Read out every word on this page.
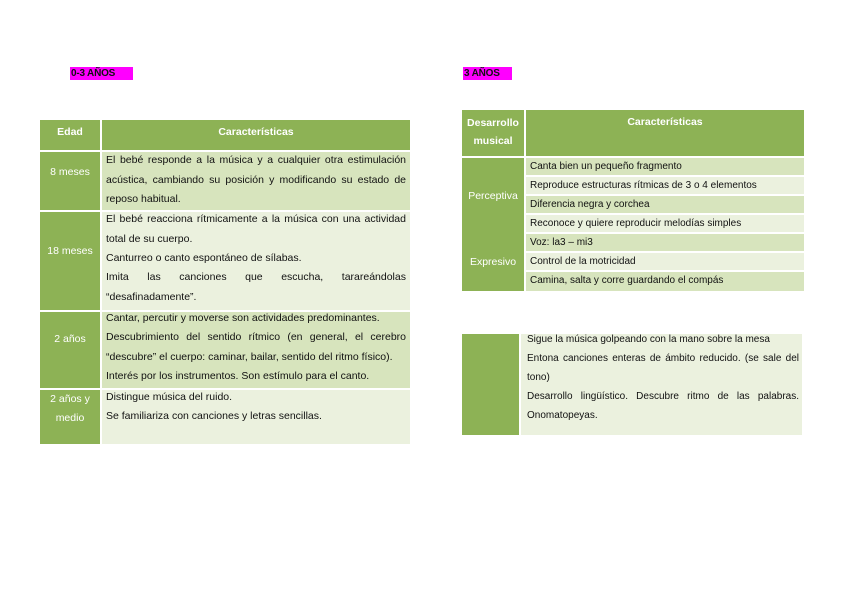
0-3 AÑOS
Edad	Características
8 meses
18 meses
2 años
2 años y medio
El bebé responde a la música y a cualquier otra estimulación acústica, cambiando su posición y modificando su estado de reposo habitual.
El bebé reacciona rítmicamente a la música con una actividad total de su cuerpo.
Canturreo o canto espontáneo de sílabas.
Imita las canciones que escucha, tarareándolas “desafinadamente”.
Cantar, percutir y moverse son actividades predominantes.
Descubrimiento del sentido rítmico (en general, el cerebro “descubre” el cuerpo: caminar, bailar, sentido del ritmo físico).
Interés por los instrumentos. Son estímulo para el canto.
Distingue música del ruido.
Se familiariza con canciones y letras sencillas.
3 AÑOS
Desarrollo musical
Características
Perceptiva
Expresivo
Canta bien un pequeño fragmento
Reproduce estructuras rítmicas de 3 o 4 elementos
Diferencia negra y corchea
Reconoce y quiere reproducir melodías simples
Voz: la3 – mi3
Control de la motricidad
Camina, salta y corre guardando el compás
Sigue la música golpeando con la mano sobre la mesa
Entona canciones enteras de ámbito reducido. (se sale del tono)
Desarrollo lingüístico. Descubre ritmo de las palabras. Onomatopeyas.
